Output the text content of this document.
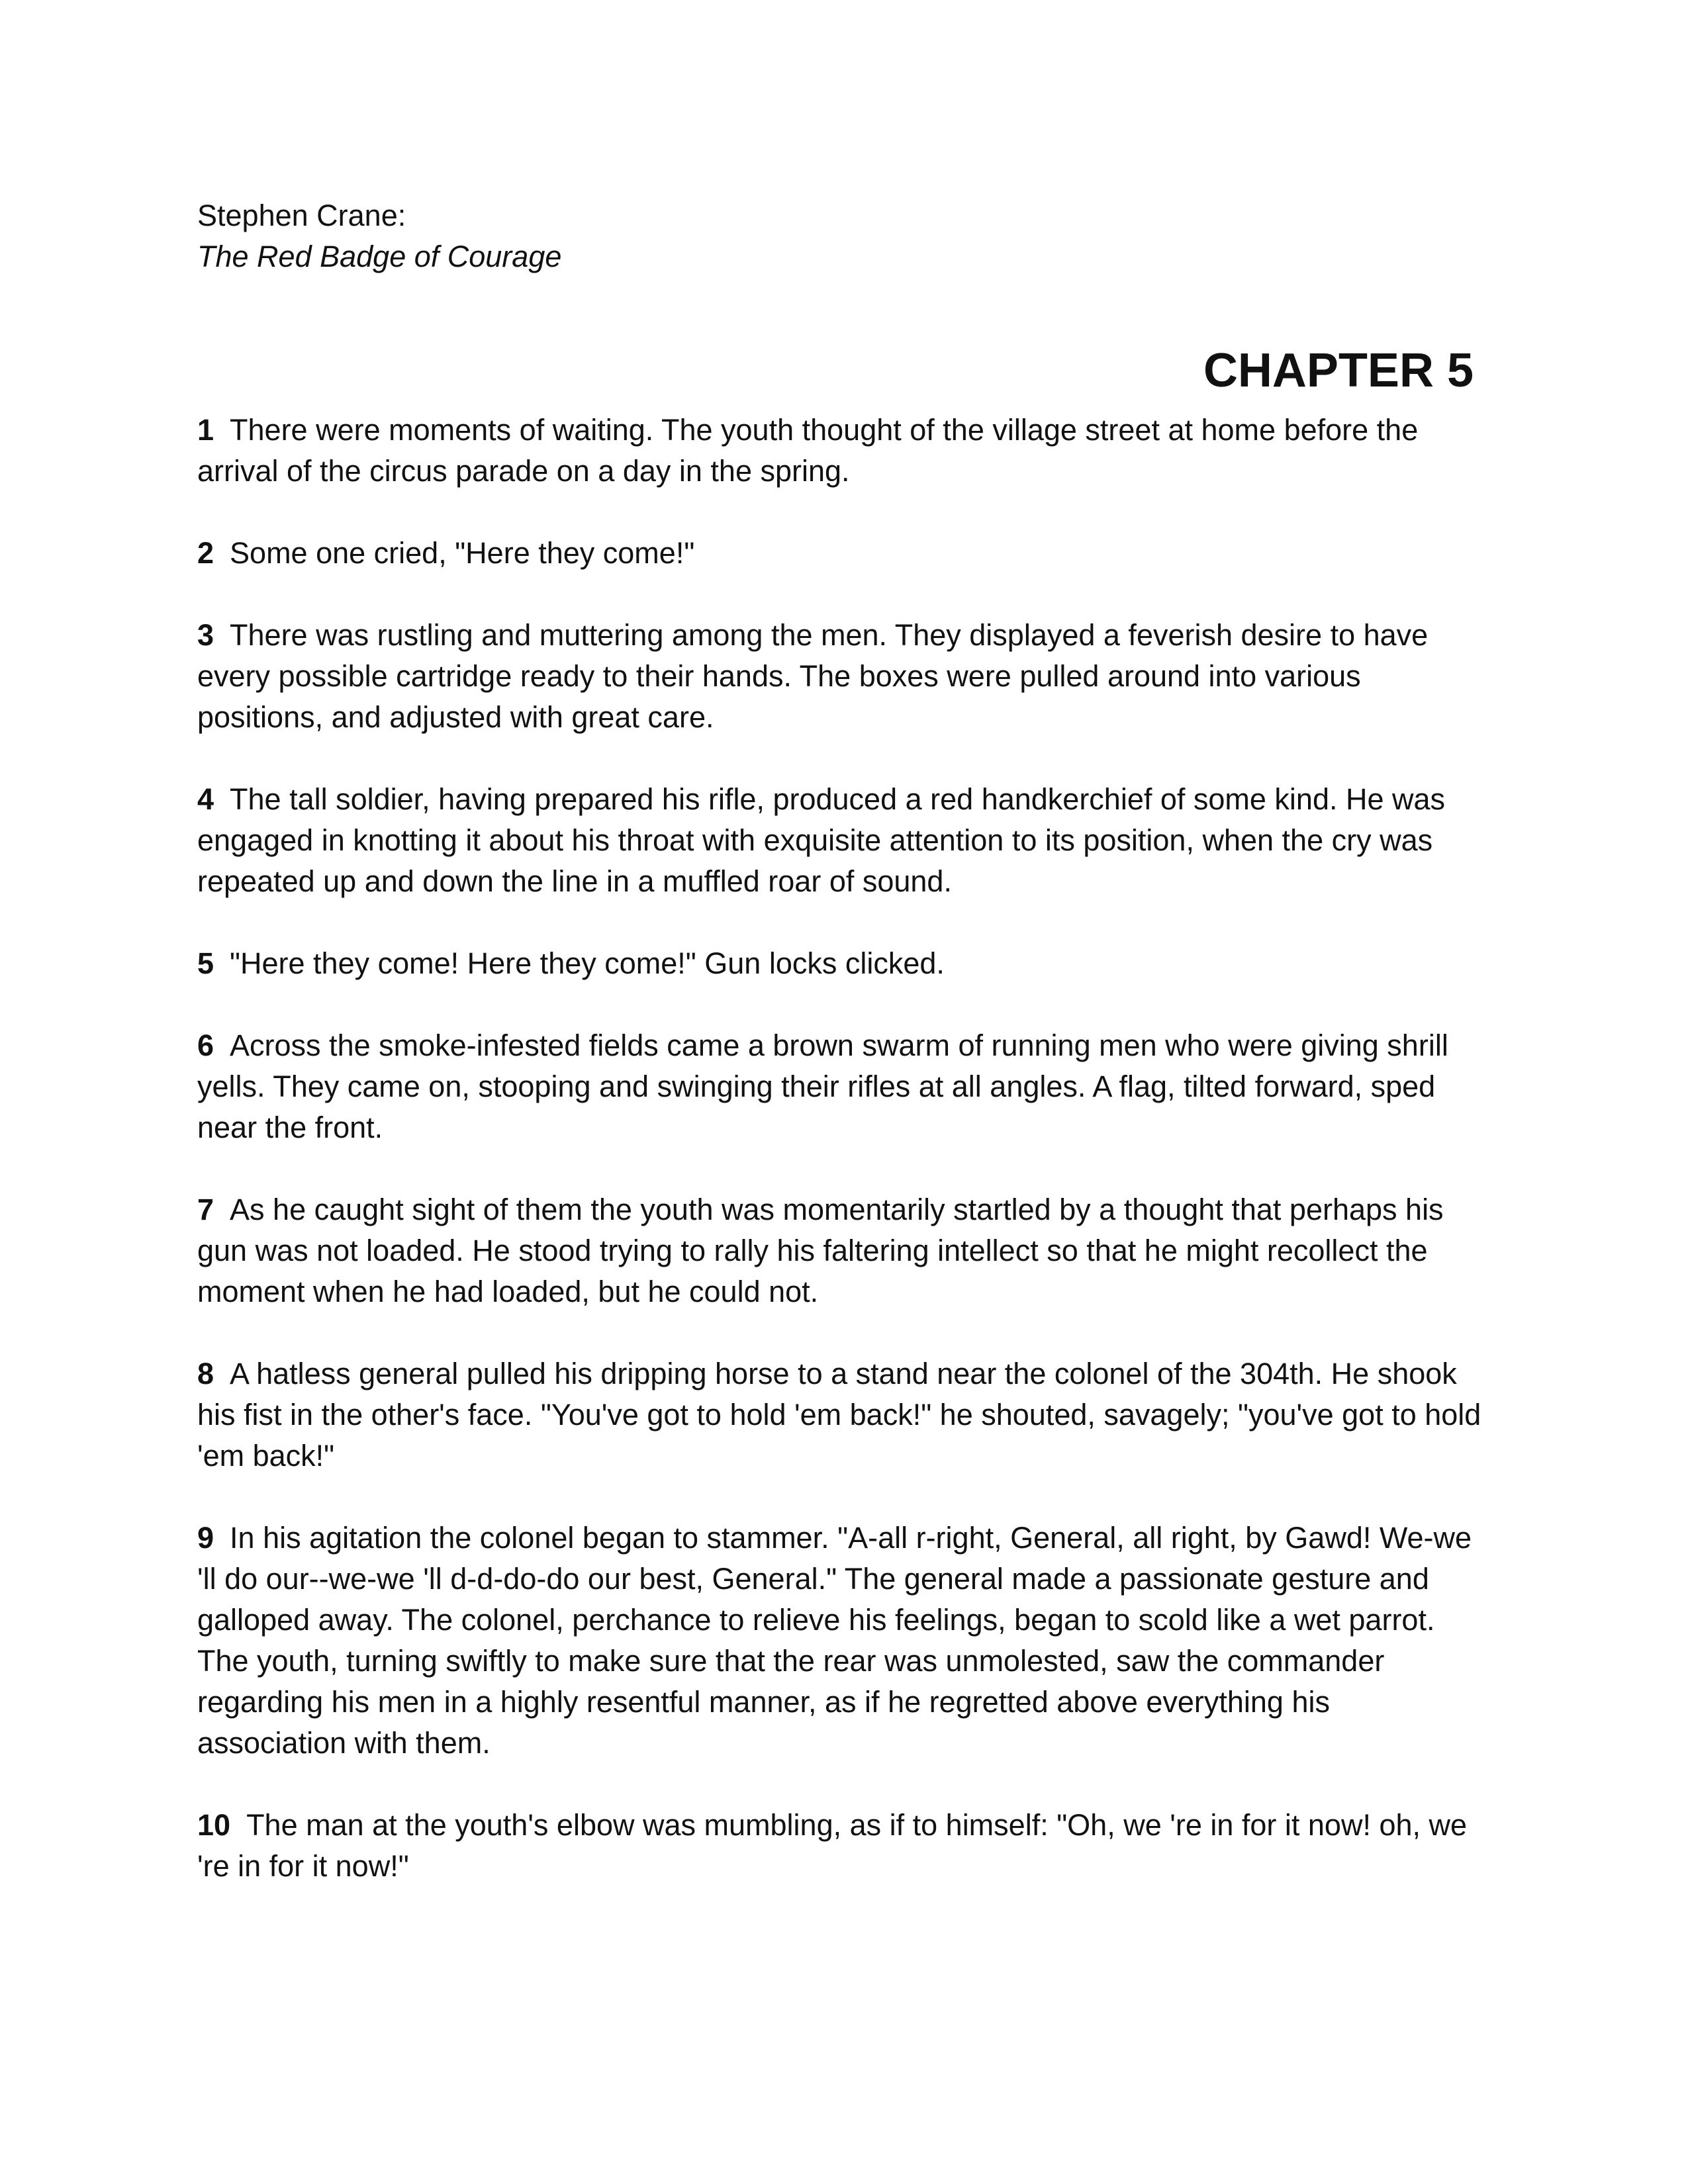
Stephen Crane:

The Red Badge of Courage

CHAPTER 5

1 There were moments of waiting. The youth thought of the village street at home before the arrival of the circus parade on a day in the spring.

2 Some one cried, "Here they come!"

3 There was rustling and muttering among the men. They displayed a feverish desire to have every possible cartridge ready to their hands. The boxes were pulled around into various positions, and adjusted with great care.

4 The tall soldier, having prepared his rifle, produced a red handkerchief of some kind. He was engaged in knotting it about his throat with exquisite attention to its position, when the cry was repeated up and down the line in a muffled roar of sound.

5 "Here they come! Here they come!" Gun locks clicked.

6 Across the smoke-infested fields came a brown swarm of running men who were giving shrill yells. They came on, stooping and swinging their rifles at all angles. A flag, tilted forward, sped near the front.

7 As he caught sight of them the youth was momentarily startled by a thought that perhaps his gun was not loaded. He stood trying to rally his faltering intellect so that he might recollect the moment when he had loaded, but he could not.

8 A hatless general pulled his dripping horse to a stand near the colonel of the 304th. He shook his fist in the other's face. "You've got to hold 'em back!" he shouted, savagely; "you've got to hold 'em back!"

9 In his agitation the colonel began to stammer. "A-all r-right, General, all right, by Gawd! We-we 'll do our--we-we 'll d-d-do-do our best, General." The general made a passionate gesture and galloped away. The colonel, perchance to relieve his feelings, began to scold like a wet parrot. The youth, turning swiftly to make sure that the rear was unmolested, saw the commander regarding his men in a highly resentful manner, as if he regretted above everything his association with them.

10 The man at the youth's elbow was mumbling, as if to himself: "Oh, we 're in for it now! oh, we 're in for it now!"
